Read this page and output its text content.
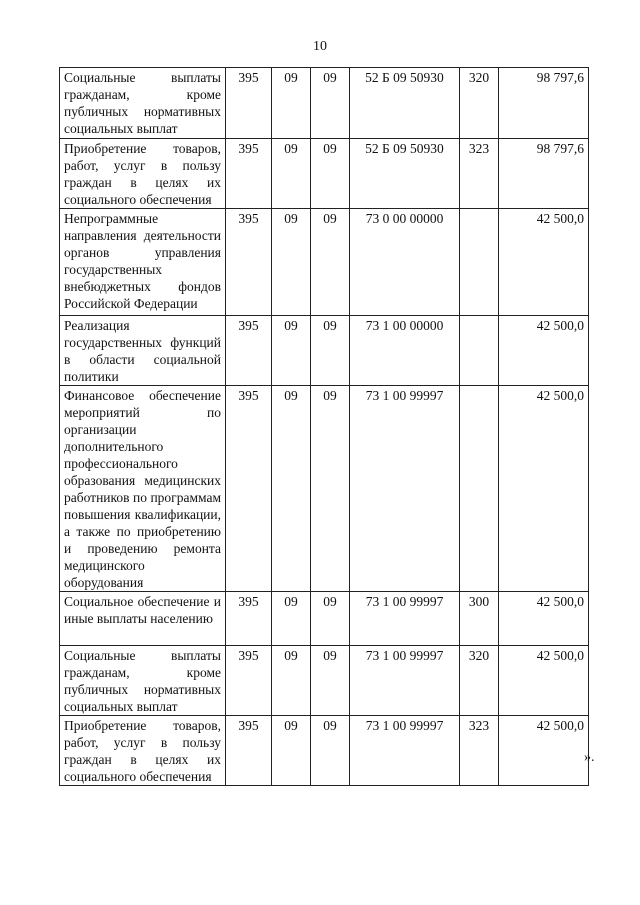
10
Социальные выплаты гражданам, кроме публичных нормативных социальных выплат	395	09	09	52 Б 09 50930	320	98 797,6
Приобретение товаров, работ, услуг в пользу граждан в целях их социального обеспечения	395	09	09	52 Б 09 50930	323	98 797,6
Непрограммные направления деятельности органов управления государственных внебюджетных фондов Российской Федерации	395	09	09	73 0 00 00000		42 500,0
Реализация государственных функций в области социальной политики	395	09	09	73 1 00 00000		42 500,0
Финансовое обеспечение мероприятий по организации дополнительного профессионального образования медицинских работников по программам повышения квалификации, а также по приобретению и проведению ремонта медицинского оборудования	395	09	09	73 1 00 99997		42 500,0
Социальное обеспечение и иные выплаты населению	395	09	09	73 1 00 99997	300	42 500,0
Социальные выплаты гражданам, кроме публичных нормативных социальных выплат	395	09	09	73 1 00 99997	320	42 500,0
Приобретение товаров, работ, услуг в пользу граждан в целях их социального обеспечения	395	09	09	73 1 00 99997	323	42 500,0
».
